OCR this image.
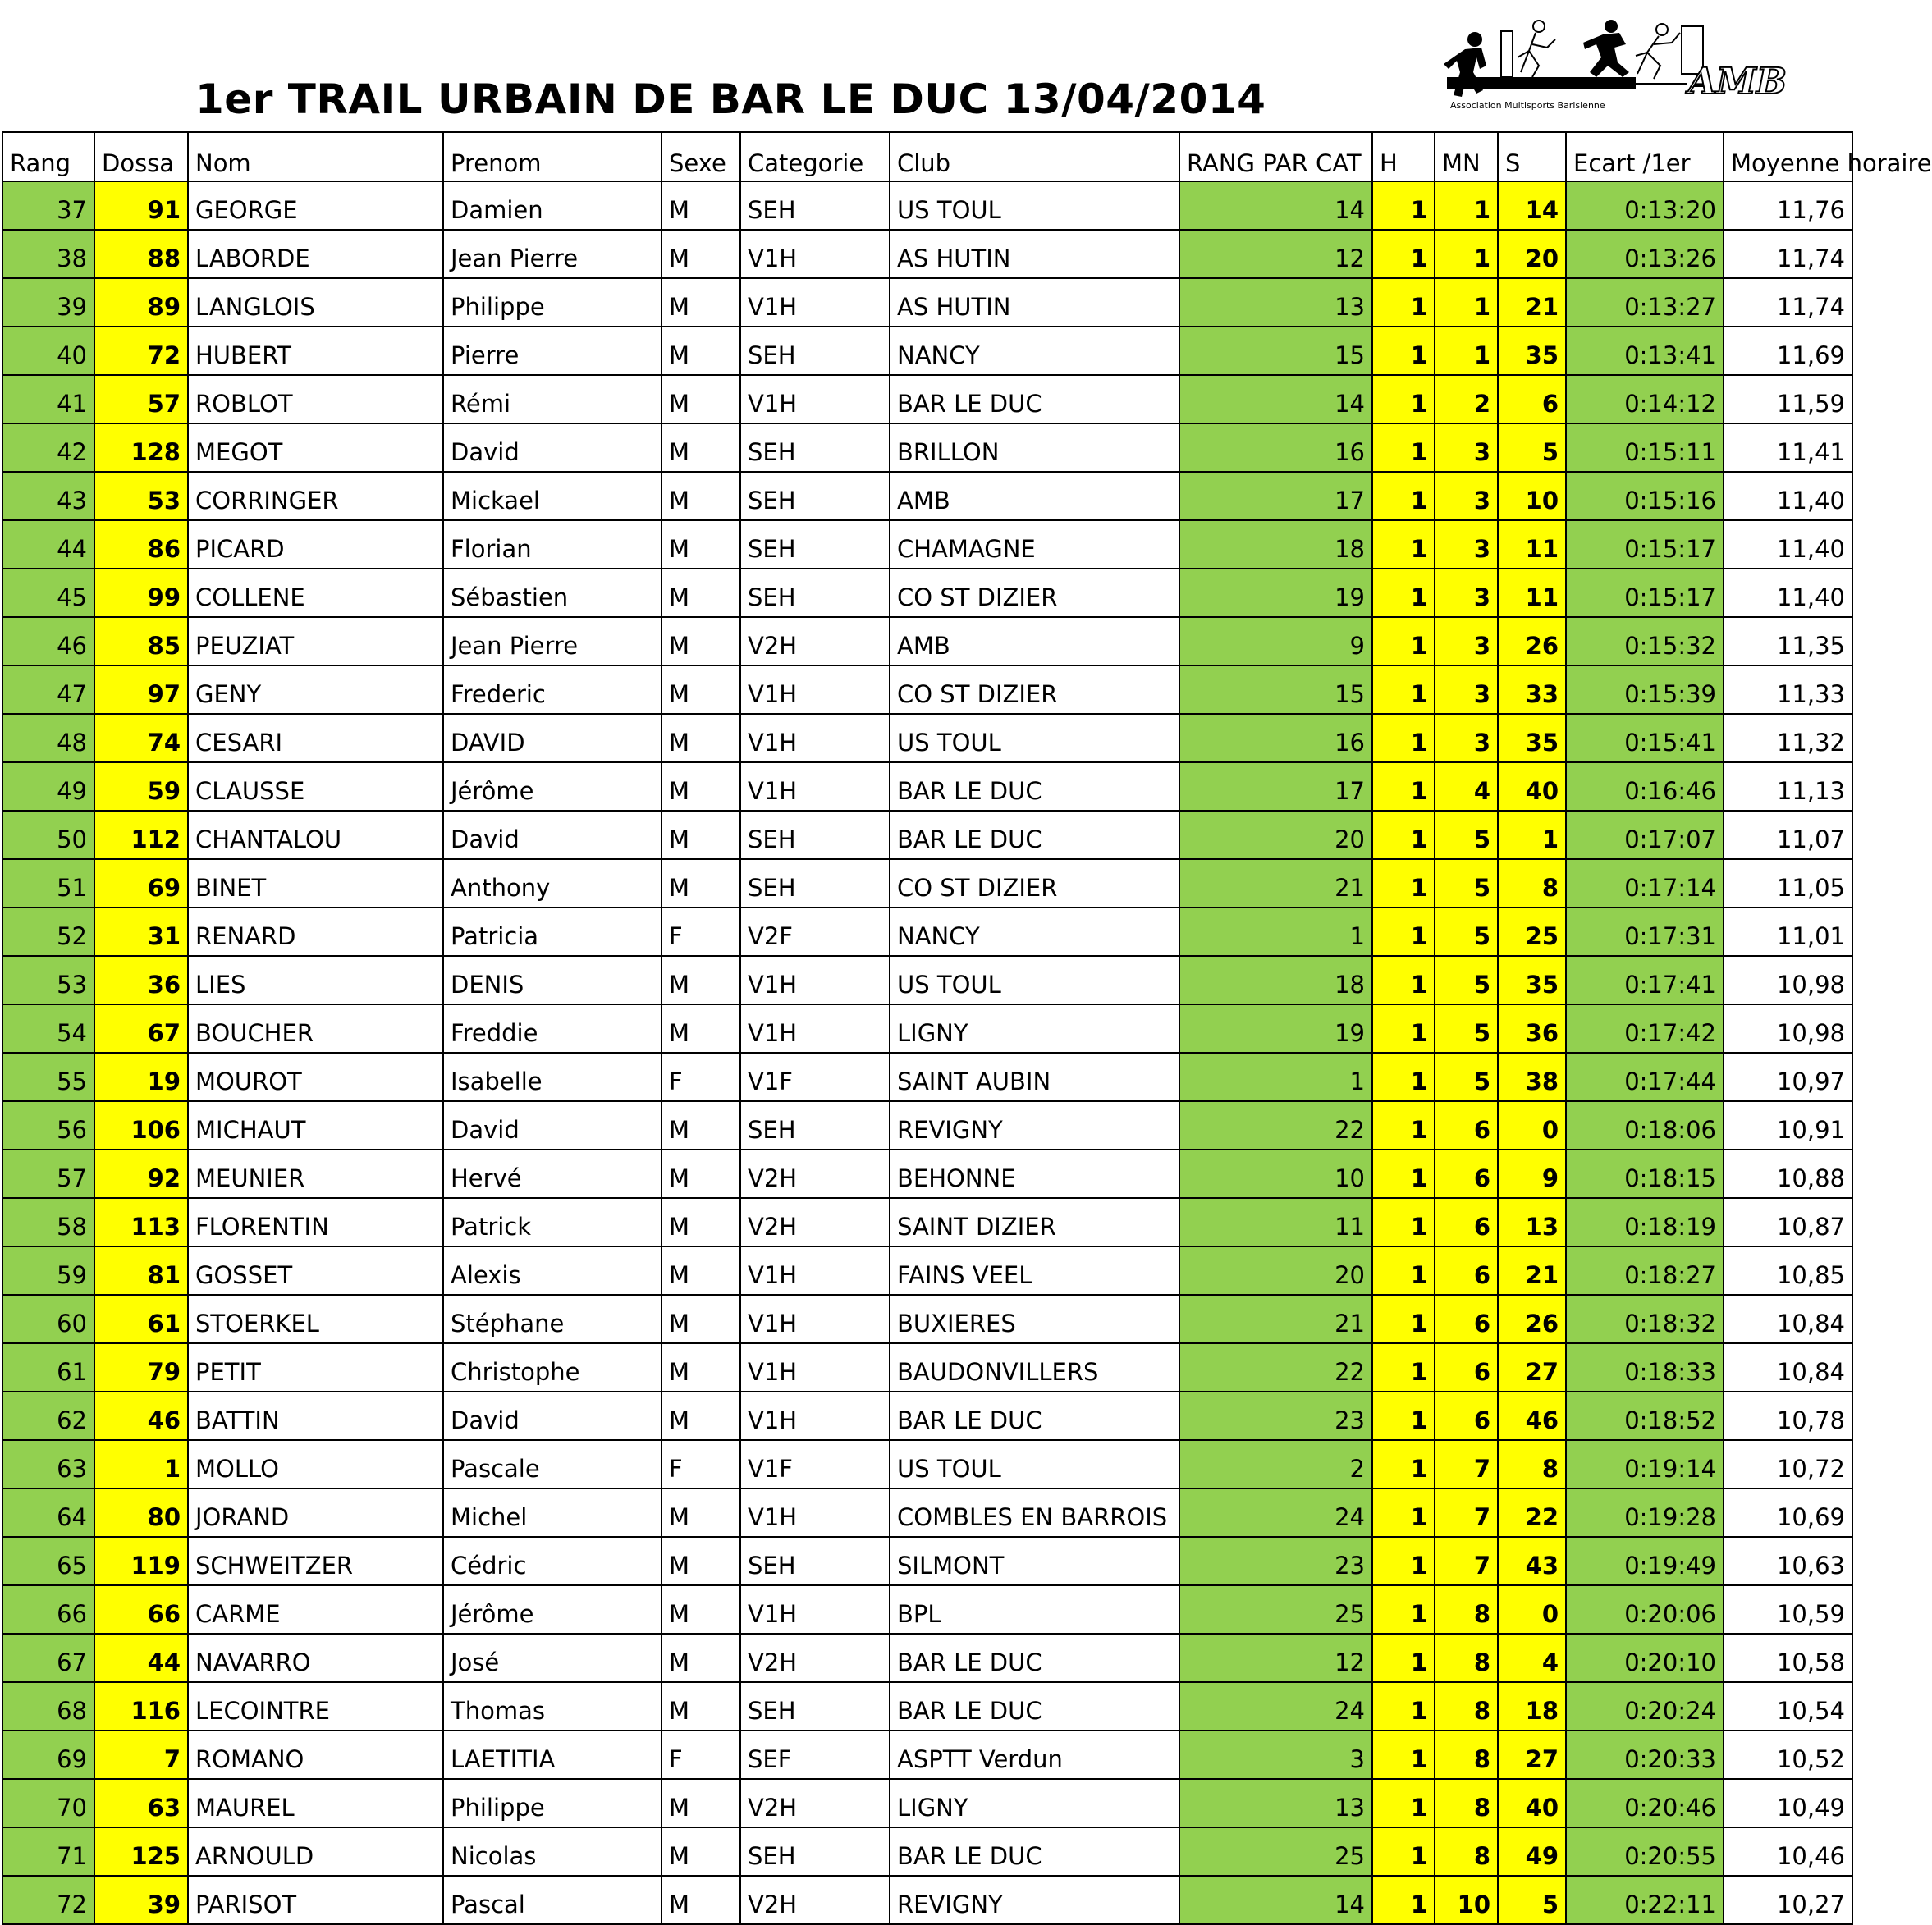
1er TRAIL URBAIN DE BAR LE DUC 13/04/2014	AMB
Association Multisports Barisienne
Rang	Dossa	Nom	Prenom	Sexe	Categorie	Club	RANG PAR CAT	H	MN	S	Ecart /1er	Moyenne horaire
37	91	GEORGE	Damien	M	SEH	US TOUL	14	1	1	14	0:13:20	11,76
38	88	LABORDE	Jean Pierre	M	V1H	AS HUTIN	12	1	1	20	0:13:26	11,74
39	89	LANGLOIS	Philippe	M	V1H	AS HUTIN	13	1	1	21	0:13:27	11,74
40	72	HUBERT	Pierre	M	SEH	NANCY	15	1	1	35	0:13:41	11,69
41	57	ROBLOT	Rémi	M	V1H	BAR LE DUC	14	1	2	6	0:14:12	11,59
42	128	MEGOT	David	M	SEH	BRILLON	16	1	3	5	0:15:11	11,41
43	53	CORRINGER	Mickael	M	SEH	AMB	17	1	3	10	0:15:16	11,40
44	86	PICARD	Florian	M	SEH	CHAMAGNE	18	1	3	11	0:15:17	11,40
45	99	COLLENE	Sébastien	M	SEH	CO ST DIZIER	19	1	3	11	0:15:17	11,40
46	85	PEUZIAT	Jean Pierre	M	V2H	AMB	9	1	3	26	0:15:32	11,35
47	97	GENY	Frederic	M	V1H	CO ST DIZIER	15	1	3	33	0:15:39	11,33
48	74	CESARI	DAVID	M	V1H	US TOUL	16	1	3	35	0:15:41	11,32
49	59	CLAUSSE	Jérôme	M	V1H	BAR LE DUC	17	1	4	40	0:16:46	11,13
50	112	CHANTALOU	David	M	SEH	BAR LE DUC	20	1	5	1	0:17:07	11,07
51	69	BINET	Anthony	M	SEH	CO ST DIZIER	21	1	5	8	0:17:14	11,05
52	31	RENARD	Patricia	F	V2F	NANCY	1	1	5	25	0:17:31	11,01
53	36	LIES	DENIS	M	V1H	US TOUL	18	1	5	35	0:17:41	10,98
54	67	BOUCHER	Freddie	M	V1H	LIGNY	19	1	5	36	0:17:42	10,98
55	19	MOUROT	Isabelle	F	V1F	SAINT AUBIN	1	1	5	38	0:17:44	10,97
56	106	MICHAUT	David	M	SEH	REVIGNY	22	1	6	0	0:18:06	10,91
57	92	MEUNIER	Hervé	M	V2H	BEHONNE	10	1	6	9	0:18:15	10,88
58	113	FLORENTIN	Patrick	M	V2H	SAINT DIZIER	11	1	6	13	0:18:19	10,87
59	81	GOSSET	Alexis	M	V1H	FAINS VEEL	20	1	6	21	0:18:27	10,85
60	61	STOERKEL	Stéphane	M	V1H	BUXIERES	21	1	6	26	0:18:32	10,84
61	79	PETIT	Christophe	M	V1H	BAUDONVILLERS	22	1	6	27	0:18:33	10,84
62	46	BATTIN	David	M	V1H	BAR LE DUC	23	1	6	46	0:18:52	10,78
63	1	MOLLO	Pascale	F	V1F	US TOUL	2	1	7	8	0:19:14	10,72
64	80	JORAND	Michel	M	V1H	COMBLES EN BARROIS	24	1	7	22	0:19:28	10,69
65	119	SCHWEITZER	Cédric	M	SEH	SILMONT	23	1	7	43	0:19:49	10,63
66	66	CARME	Jérôme	M	V1H	BPL	25	1	8	0	0:20:06	10,59
67	44	NAVARRO	José	M	V2H	BAR LE DUC	12	1	8	4	0:20:10	10,58
68	116	LECOINTRE	Thomas	M	SEH	BAR LE DUC	24	1	8	18	0:20:24	10,54
69	7	ROMANO	LAETITIA	F	SEF	ASPTT Verdun	3	1	8	27	0:20:33	10,52
70	63	MAUREL	Philippe	M	V2H	LIGNY	13	1	8	40	0:20:46	10,49
71	125	ARNOULD	Nicolas	M	SEH	BAR LE DUC	25	1	8	49	0:20:55	10,46
72	39	PARISOT	Pascal	M	V2H	REVIGNY	14	1	10	5	0:22:11	10,27
